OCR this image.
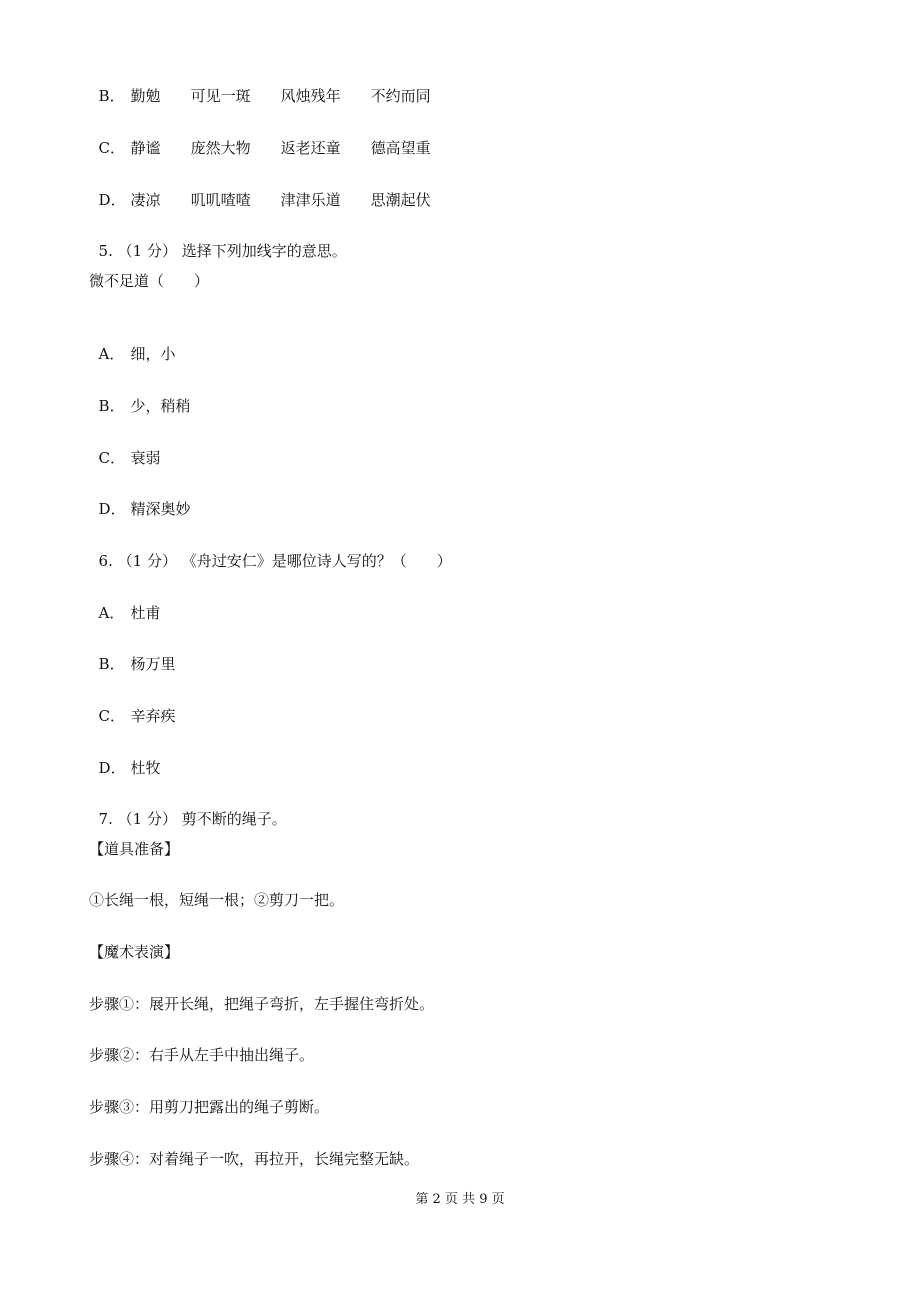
B． 勤勉 可见一斑 风烛残年 不约而同

C． 静谧 庞然大物 返老还童 德高望重

D． 凄凉 叽叽喳喳 津津乐道 思潮起伏

5. （1 分） 选择下列加线字的意思。

微不足道（　　）

A． 细，小

B． 少，稍稍

C． 衰弱

D． 精深奥妙

6. （1 分） 《舟过安仁》是哪位诗人写的？（　　）

A． 杜甫

B． 杨万里

C． 辛弃疾

D． 杜牧

7. （1 分） 剪不断的绳子。

【道具准备】
①长绳一根，短绳一根；②剪刀一把。
【魔术表演】
步骤①：展开长绳，把绳子弯折，左手握住弯折处。
步骤②：右手从左手中抽出绳子。
步骤③：用剪刀把露出的绳子剪断。
步骤④：对着绳子一吹，再拉开，长绳完整无缺。
第 2 页 共 9 页
